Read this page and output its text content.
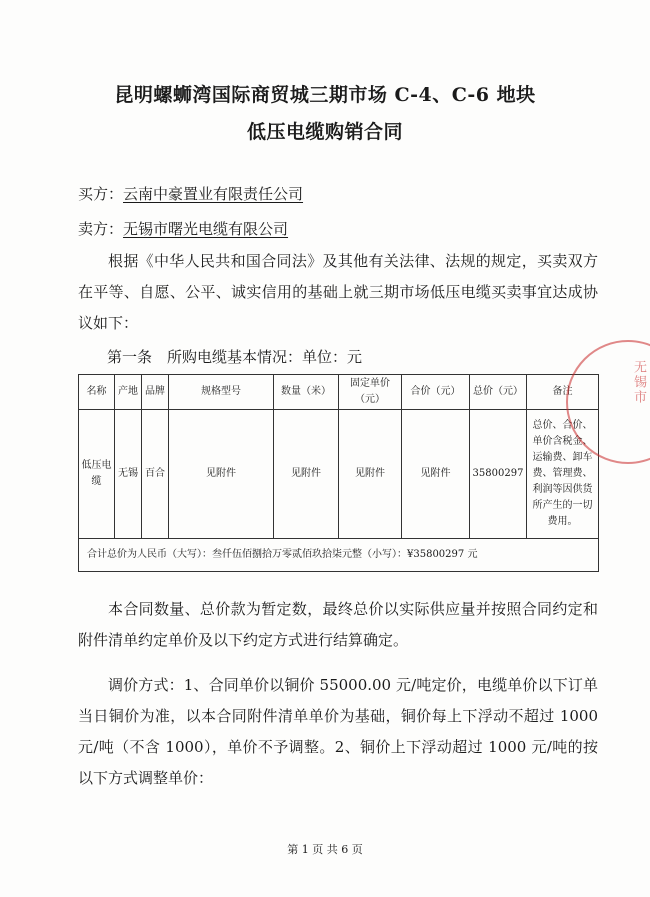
昆明螺蛳湾国际商贸城三期市场 C-4、C-6 地块
低压电缆购销合同
买方：云南中豪置业有限责任公司
卖方：无锡市曙光电缆有限公司
根据《中华人民共和国合同法》及其他有关法律、法规的规定，买卖双方在平等、自愿、公平、诚实信用的基础上就三期市场低压电缆买卖事宜达成协议如下：
第一条　所购电缆基本情况：单位：元
名称	产地	品牌	规格型号	数量（米）	固定单价（元）	合价（元）	总价（元）	备注
低压电缆	无锡	百合	见附件	见附件	见附件	见附件	35800297	总价、合价、单价含税金、运输费、卸车费、管理费、利润等因供货所产生的一切费用。
合计总价为人民币（大写）：叁仟伍佰捌拾万零贰佰玖拾柒元整（小写）：¥35800297 元								
本合同数量、总价款为暂定数，最终总价以实际供应量并按照合同约定和附件清单约定单价及以下约定方式进行结算确定。
调价方式：1、合同单价以铜价 55000.00 元/吨定价，电缆单价以下订单当日铜价为准，以本合同附件清单单价为基础，铜价每上下浮动不超过 1000 元/吨（不含 1000），单价不予调整。2、铜价上下浮动超过 1000 元/吨的按以下方式调整单价：
第 1 页 共 6 页
无锡市
